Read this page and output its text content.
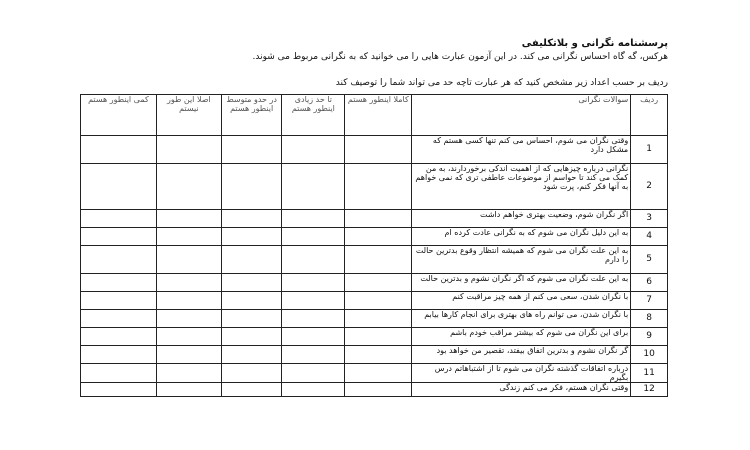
پرسشنامه نگرانی و بلاتکلیفی
هرکس، گه گاه احساس نگرانی می کند. در این آزمون عبارت هایی را می خوانید که به نگرانی مربوط می شوند.
ردیف بر حسب اعداد زیر مشخص کنید که هر عبارت تاچه حد می تواند شما را توصیف کند
ردیف	سوالات نگرانی	کاملا اینطور هستم	تا حد زیادی اینطور هستم	در حدو متوسط اینطور هستم	اصلا این طور نیستم	کمی اینطور هستم
1	وقتی نگران می شوم، احساس می کنم تنها کسی هستم که مشکل دارد					
2	نگرانی درباره چیزهایی که از اهمیت اندکی برخوردارند، به من کمک می کند تا حواسم از موضوعات عاطفی تری که نمی خواهم به آنها فکر کنم، پرت شود					
3	اگر نگران شوم، وضعیت بهتری خواهم داشت					
4	به این دلیل نگران می شوم که به نگرانی عادت کرده ام					
5	به این علت نگران می شوم که همیشه انتظار وقوع بدترین حالت را دارم					
6	به این علت نگران می شوم که اگر نگران نشوم و بدترین حالت					
7	با نگران شدن، سعی می کنم از همه چیز مراقبت کنم					
8	با نگران شدن، می توانم راه های بهتری برای انجام کارها بیابم					
9	برای این نگران می شوم که بیشتر مراقب خودم باشم					
10	گر نگران نشوم و بدترین اتفاق بیفتد، تقصیر من خواهد بود					
11	درباره اتفاقات گذشته نگران می شوم تا از اشتباهاتم درس بگیرم					
12	وقتی نگران هستم، فکر می کنم زندگی					
